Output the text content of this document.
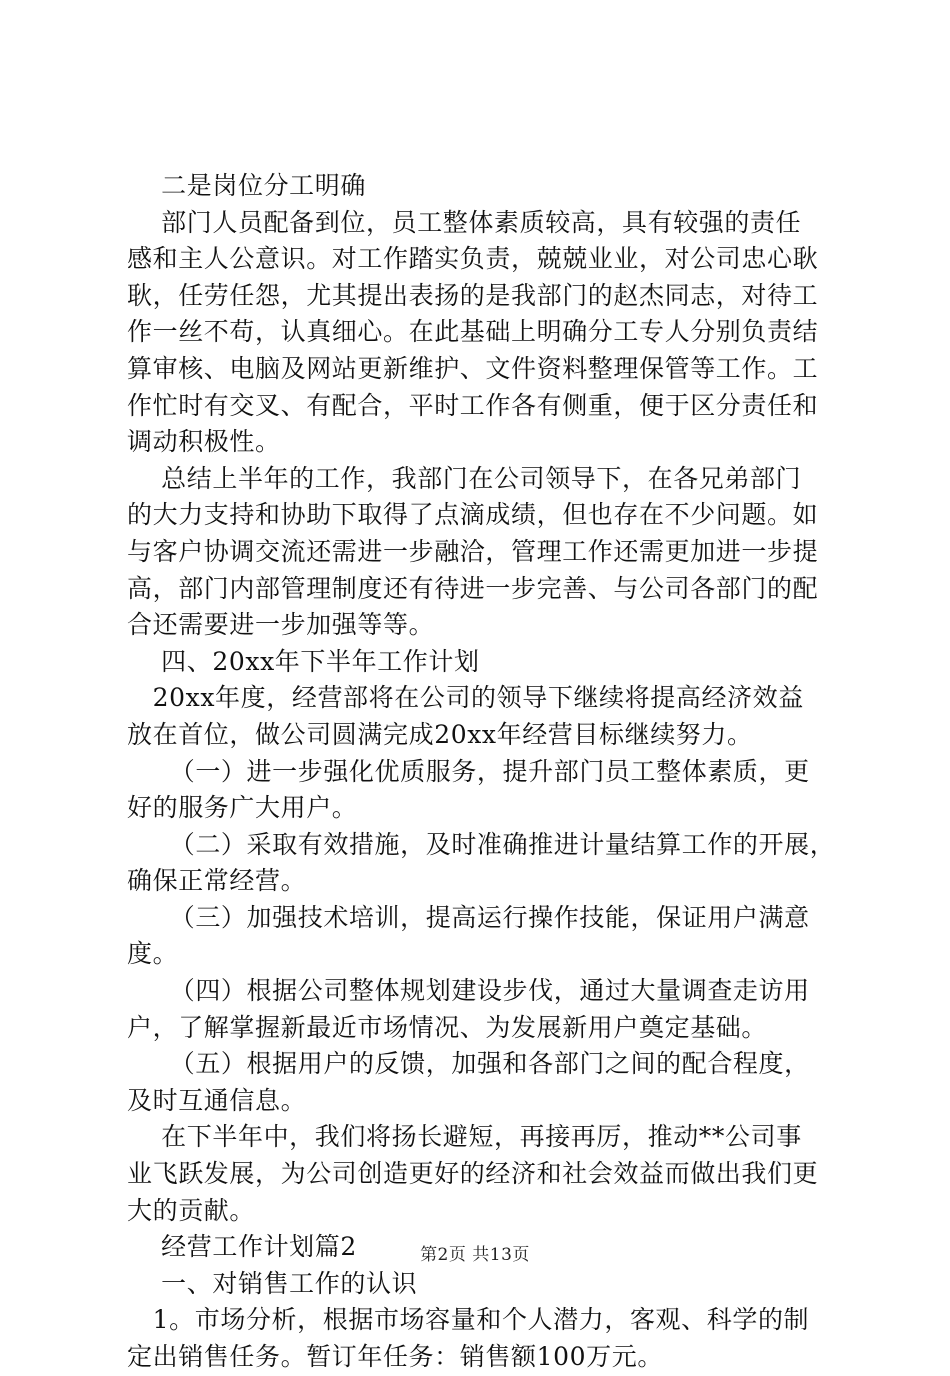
二是岗位分工明确
部门人员配备到位，员工整体素质较高，具有较强的责任
感和主人公意识。对工作踏实负责，兢兢业业，对公司忠心耿
耿，任劳任怨，尤其提出表扬的是我部门的赵杰同志，对待工
作一丝不苟，认真细心。在此基础上明确分工专人分别负责结
算审核、电脑及网站更新维护、文件资料整理保管等工作。工
作忙时有交叉、有配合，平时工作各有侧重，便于区分责任和
调动积极性。
总结上半年的工作，我部门在公司领导下，在各兄弟部门
的大力支持和协助下取得了点滴成绩，但也存在不少问题。如
与客户协调交流还需进一步融洽，管理工作还需更加进一步提
高，部门内部管理制度还有待进一步完善、与公司各部门的配
合还需要进一步加强等等。
四、20xx年下半年工作计划
20xx年度，经营部将在公司的领导下继续将提高经济效益
放在首位，做公司圆满完成20xx年经营目标继续努力。
（一）进一步强化优质服务，提升部门员工整体素质，更
好的服务广大用户。
（二）采取有效措施，及时准确推进计量结算工作的开展，
确保正常经营。
（三）加强技术培训，提高运行操作技能，保证用户满意
度。
（四）根据公司整体规划建设步伐，通过大量调查走访用
户，了解掌握新最近市场情况、为发展新用户奠定基础。
（五）根据用户的反馈，加强和各部门之间的配合程度，
及时互通信息。
在下半年中，我们将扬长避短，再接再厉，推动**公司事
业飞跃发展，为公司创造更好的经济和社会效益而做出我们更
大的贡献。
经营工作计划篇2
一、对销售工作的认识
1。市场分析，根据市场容量和个人潜力，客观、科学的制
定出销售任务。暂订年任务：销售额100万元。
第2页 共13页
